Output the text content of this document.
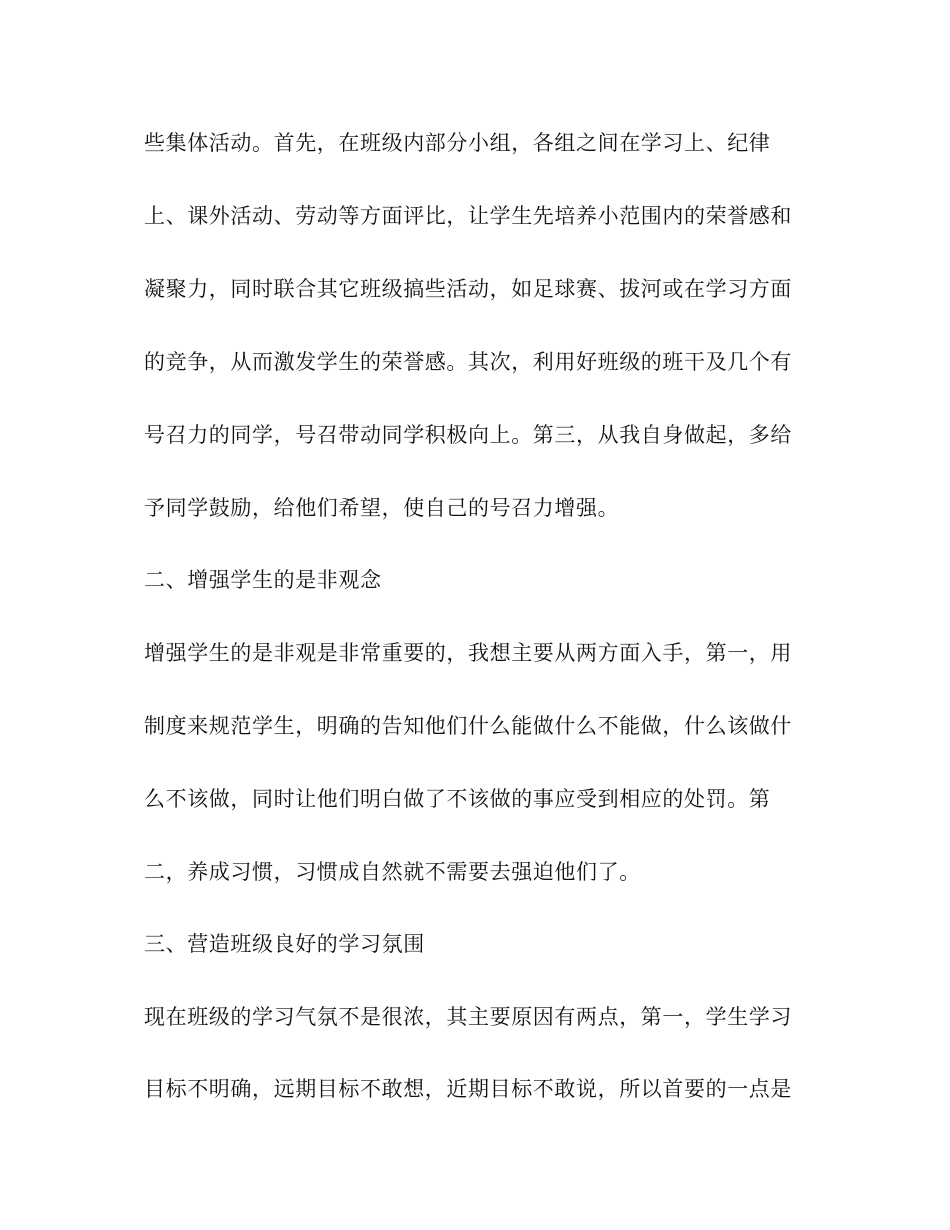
些集体活动。首先，在班级内部分小组，各组之间在学习上、纪律
上、课外活动、劳动等方面评比，让学生先培养小范围内的荣誉感和
凝聚力，同时联合其它班级搞些活动，如足球赛、拔河或在学习方面
的竞争，从而激发学生的荣誉感。其次，利用好班级的班干及几个有
号召力的同学，号召带动同学积极向上。第三，从我自身做起，多给
予同学鼓励，给他们希望，使自己的号召力增强。
二、增强学生的是非观念
增强学生的是非观是非常重要的，我想主要从两方面入手，第一，用
制度来规范学生，明确的告知他们什么能做什么不能做，什么该做什
么不该做，同时让他们明白做了不该做的事应受到相应的处罚。第
二，养成习惯，习惯成自然就不需要去强迫他们了。
三、营造班级良好的学习氛围
现在班级的学习气氛不是很浓，其主要原因有两点，第一，学生学习
目标不明确，远期目标不敢想，近期目标不敢说，所以首要的一点是
